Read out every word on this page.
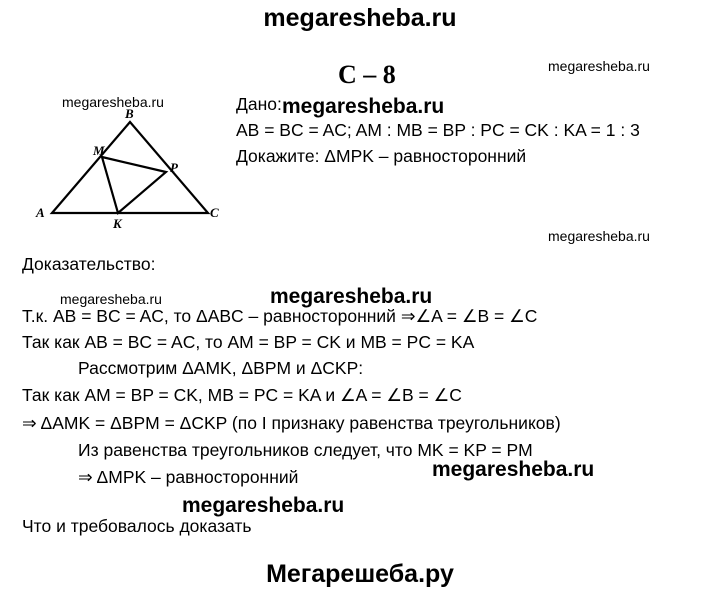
megaresheba.ru
С – 8	megaresheba.ru
megaresheba.ru
megaresheba.ru
megaresheba.ru
A
B
C
M
P
K
Дано: megaresheba.ru
AB = BC = AC; AM : MB = BP : PC = CK : KA = 1 : 3
Докажите: ΔMPK – равносторонний
Доказательство:
megaresheba.ru
Т.к. AB = BC = AC, то ΔABC – равносторонний ⇒∠A = ∠B = ∠C
Так как AB = BC = AC, то AM = BP = CK и MB = PC = KA
Рассмотрим ΔAMK, ΔBPM и ΔCKP:
Так как AM = BP = CK, MB = PC = KA и ∠A = ∠B = ∠C
⇒ ΔAMK = ΔBPM = ΔCKP (по I признаку равенства треугольников)
Из равенства треугольников следует, что MK = KP = PM
megaresheba.ru
⇒ ΔMPK – равносторонний
megaresheba.ru
Что и требовалось доказать
Мегарешеба.ру
